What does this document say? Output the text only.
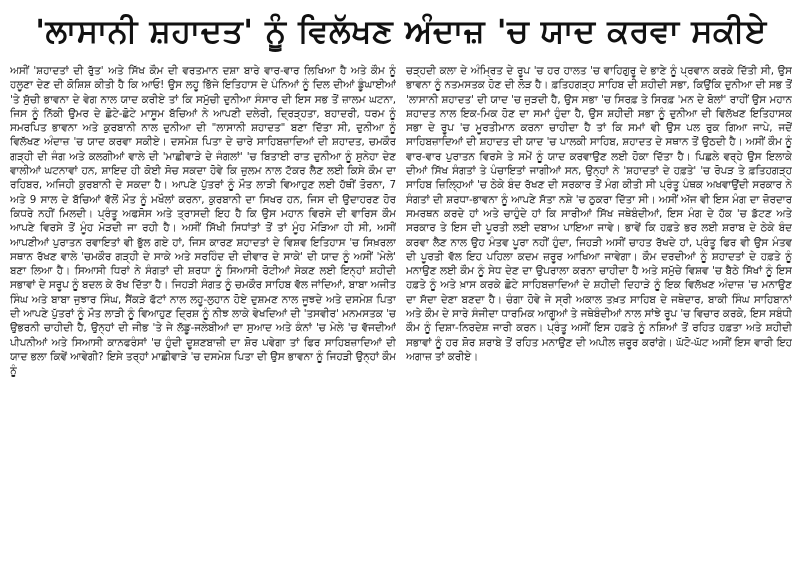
'ਲਾਸਾਨੀ ਸ਼ਹਾਦਤ' ਨੂੰ ਵਿਲੱਖਣ ਅੰਦਾਜ਼ 'ਚ ਯਾਦ ਕਰਵਾ ਸਕੀਏ

ਅਸੀਂ 'ਸ਼ਹਾਦਤਾਂ ਦੀ ਰੁੱਤ' ਅਤੇ ਸਿੱਖ ਕੌਮ ਦੀ ਵਰਤਮਾਨ ਦਸ਼ਾ ਬਾਰੇ ਵਾਰ-ਵਾਰ ਲਿਖਿਆ ਹੈ ਅਤੇ ਕੌਮ ਨੂੰ ਹਲੂਣਾ ਦੇਣ ਦੀ ਕੋਸ਼ਿਸ਼ ਕੀਤੀ ਹੈ ਕਿ ਆਓ! ਉਸ ਲਹੂ ਭਿੱਜੇ ਇਤਿਹਾਸ ਦੇ ਪੰਨਿਆਂ ਨੂੰ ਦਿਲ ਦੀਆਂ ਡੂੰਘਾਈਆਂ 'ਤੇ ਸੁੱਚੀ ਭਾਵਨਾ ਦੇ ਵੇਗ ਨਾਲ ਯਾਦ ਕਰੀਏ ਤਾਂ ਕਿ ਸਮੁੱਚੀ ਦੁਨੀਆ ਸੰਸਾਰ ਦੀ ਇਸ ਸਭ ਤੋਂ ਜ਼ਾਲਮ ਘਟਨਾ, ਜਿਸ ਨੂੰ ਨਿੱਕੀ ਉਮਰ ਦੇ ਛੋਟੇ-ਛੋਟੇ ਮਾਸੂਮ ਬੱਚਿਆਂ ਨੇ ਆਪਣੀ ਦਲੇਰੀ, ਦ੍ਰਿੜ੍ਹਤਾ, ਬਹਾਦਰੀ, ਧਰਮ ਨੂੰ ਸਮਰਪਿਤ ਭਾਵਨਾ ਅਤੇ ਕੁਰਬਾਨੀ ਨਾਲ ਦੁਨੀਆ ਦੀ "ਲਾਸਾਨੀ ਸ਼ਹਾਦਤ" ਬਣਾ ਦਿੱਤਾ ਸੀ, ਦੁਨੀਆ ਨੂੰ ਵਿਲੱਖਣ ਅੰਦਾਜ਼ 'ਚ ਯਾਦ ਕਰਵਾ ਸਕੀਏ। ਦਸਮੇਸ਼ ਪਿਤਾ ਦੇ ਚਾਰੇ ਸਾਹਿਬਜ਼ਾਦਿਆਂ ਦੀ ਸ਼ਹਾਦਤ, ਚਮਕੌਰ ਗੜ੍ਹੀ ਦੀ ਜੰਗ ਅਤੇ ਕਲਗੀਆਂ ਵਾਲੇ ਦੀ 'ਮਾਛੀਵਾੜੇ ਦੇ ਜੰਗਲਾਂ' 'ਚ ਬਿਤਾਈ ਰਾਤ ਦੁਨੀਆ ਨੂੰ ਸੁਨੇਹਾ ਦੇਣ ਵਾਲੀਆਂ ਘਟਨਾਵਾਂ ਹਨ, ਸ਼ਾਇਦ ਹੀ ਕੋਈ ਸੋਚ ਸਕਦਾ ਹੋਵੇ ਕਿ ਜ਼ੁਲਮ ਨਾਲ ਟੱਕਰ ਲੈਣ ਲਈ ਕਿਸੇ ਕੌਮ ਦਾ ਰਹਿਬਰ, ਅਜਿਹੀ ਕੁਰਬਾਨੀ ਦੇ ਸਕਦਾ ਹੈ। ਆਪਣੇ ਪੁੱਤਰਾਂ ਨੂੰ ਮੌਤ ਲਾੜੀ ਵਿਆਹੁਣ ਲਈ ਹੱਥੀਂ ਤੋਰਨਾ, 7 ਅਤੇ 9 ਸਾਲ ਦੇ ਬੱਚਿਆਂ ਵੱਲੋਂ ਮੌਤ ਨੂੰ ਮਖੌਲਾਂ ਕਰਨਾ, ਕੁਰਬਾਨੀ ਦਾ ਸਿਖਰ ਹਨ, ਜਿਸ ਦੀ ਉਦਾਹਰਣ ਹੋਰ ਕਿਧਰੇ ਨਹੀਂ ਮਿਲਦੀ। ਪ੍ਰੰਤੂ ਅਫਸੋਸ ਅਤੇ ਤ੍ਰਾਸਦੀ ਇਹ ਹੈ ਕਿ ਉਸ ਮਹਾਨ ਵਿਰਸੇ ਦੀ ਵਾਰਿਸ ਕੌਮ ਆਪਣੇ ਵਿਰਸੇ ਤੋਂ ਮੂੰਹ ਮੋੜਦੀ ਜਾ ਰਹੀ ਹੈ। ਅਸੀਂ ਸਿੱਖੀ ਸਿਧਾਂਤਾਂ ਤੋਂ ਤਾਂ ਮੂੰਹ ਮੋੜਿਆ ਹੀ ਸੀ, ਅਸੀਂ ਆਪਣੀਆਂ ਪੁਰਾਤਨ ਰਵਾਇਤਾਂ ਵੀ ਭੁੱਲ ਗਏ ਹਾਂ, ਜਿਸ ਕਾਰਣ ਸ਼ਹਾਦਤਾਂ ਦੇ ਵਿਸ਼ਵ ਇਤਿਹਾਸ 'ਚ ਸਿਖ਼ਰਲਾ ਸਥਾਨ ਰੱਖਣ ਵਾਲੇ 'ਚਮਕੌਰ ਗੜ੍ਹੀ ਦੇ ਸਾਕੇ ਅਤੇ ਸਰਹਿੰਦ ਦੀ ਦੀਵਾਰ ਦੇ ਸਾਕੇ' ਦੀ ਯਾਦ ਨੂੰ ਅਸੀਂ 'ਮੇਲੇ' ਬਣਾ ਲਿਆ ਹੈ। ਸਿਆਸੀ ਧਿਰਾਂ ਨੇ ਸੰਗਤਾਂ ਦੀ ਸ਼ਰਧਾ ਨੂੰ ਸਿਆਸੀ ਰੋਟੀਆਂ ਸੇਕਣ ਲਈ ਇਨ੍ਹਾਂ ਸ਼ਹੀਦੀ ਸਭਾਵਾਂ ਦੇ ਸਰੂਪ ਨੂੰ ਬਦਲ ਕੇ ਰੱਖ ਦਿੱਤਾ ਹੈ। ਜਿਹੜੀ ਸੰਗਤ ਨੂੰ ਚਮਕੌਰ ਸਾਹਿਬ ਵੱਲ ਜਾਂਦਿਆਂ, ਬਾਬਾ ਅਜੀਤ ਸਿੰਘ ਅਤੇ ਬਾਬਾ ਜੁਝਾਰ ਸਿੰਘ, ਸੈਂਕੜੇ ਫੱਟਾਂ ਨਾਲ ਲਹੂ-ਲੁਹਾਨ ਹੋਏ ਦੁਸ਼ਮਣ ਨਾਲ ਜੂਝਦੇ ਅਤੇ ਦਸਮੇਸ਼ ਪਿਤਾ ਦੀ ਆਪਣੇ ਪੁੱਤਰਾਂ ਨੂੰ ਮੌਤ ਲਾੜੀ ਨੂੰ ਵਿਆਹੁਣ ਦ੍ਰਿਸ਼ ਨੂੰ ਨੀਝ ਲਾਕੇ ਵੇਖਦਿਆਂ ਦੀ 'ਤਸਵੀਰ' ਮਨਮਸਤਕ 'ਚ ਉਭਰਨੀ ਚਾਹੀਦੀ ਹੈ, ਉਨ੍ਹਾਂ ਦੀ ਜੀਭ 'ਤੇ ਜੇ ਲੱਡੂ-ਜਲੇਬੀਆਂ ਦਾ ਸੁਆਦ ਅਤੇ ਕੰਨਾਂ 'ਚ ਮੇਲੇ 'ਚ ਵੱਜਦੀਆਂ ਪੀਪਨੀਆਂ ਅਤੇ ਸਿਆਸੀ ਕਾਨਫਰੰਸਾਂ 'ਚ ਹੁੰਦੀ ਦੂਸ਼ਣਬਾਜ਼ੀ ਦਾ ਸ਼ੋਰ ਪਵੇਗਾ ਤਾਂ ਫਿਰ ਸਾਹਿਬਜ਼ਾਦਿਆਂ ਦੀ ਯਾਦ ਭਲਾ ਕਿਵੇਂ ਆਵੇਗੀ? ਇਸੇ ਤਰ੍ਹਾਂ ਮਾਛੀਵਾੜੇ 'ਚ ਦਸਮੇਸ਼ ਪਿਤਾ ਦੀ ਉਸ ਭਾਵਨਾ ਨੂੰ ਜਿਹੜੀ ਉਨ੍ਹਾਂ ਕੌਮ ਨੂੰ

ਚੜ੍ਹਦੀ ਕਲਾ ਦੇ ਅੰਮ੍ਰਿਤ ਦੇ ਰੂਪ 'ਚ ਹਰ ਹਾਲਤ 'ਚ ਵਾਹਿਗੁਰੂ ਦੇ ਭਾਣੇ ਨੂੰ ਪ੍ਰਵਾਨ ਕਰਕੇ ਦਿੱਤੀ ਸੀ, ਉਸ ਭਾਵਨਾ ਨੂੰ ਨਤਮਸਤਕ ਹੋਣ ਦੀ ਲੋੜ ਹੈ। ਫ਼ਤਿਹਗੜ੍ਹ ਸਾਹਿਬ ਦੀ ਸ਼ਹੀਦੀ ਸਭਾ, ਕਿਉਂਕਿ ਦੁਨੀਆ ਦੀ ਸਭ ਤੋਂ 'ਲਾਸਾਨੀ ਸ਼ਹਾਦਤ' ਦੀ ਯਾਦ 'ਚ ਜੁੜਦੀ ਹੈ, ਉਸ ਸਭਾ 'ਚ ਸਿਰਫ਼ ਤੇ ਸਿਰਫ਼ 'ਮਨ ਦੇ ਬੋਲਾਂ' ਰਾਹੀਂ ਉਸ ਮਹਾਨ ਸ਼ਹਾਦਤ ਨਾਲ ਇਕ-ਮਿਕ ਹੋਣ ਦਾ ਸਮਾਂ ਹੁੰਦਾ ਹੈ, ਉਸ ਸ਼ਹੀਦੀ ਸਭਾ ਨੂੰ ਦੁਨੀਆ ਦੀ ਵਿਲੱਖਣ ਇਤਿਹਾਸਕ ਸਭਾ ਦੇ ਰੂਪ 'ਚ ਮੂਰਤੀਮਾਨ ਕਰਨਾ ਚਾਹੀਦਾ ਹੈ ਤਾਂ ਕਿ ਸਮਾਂ ਵੀ ਉਸ ਪਲ ਰੁਕ ਗਿਆ ਜਾਪੇ, ਜਦੋਂ ਸਾਹਿਬਜ਼ਾਦਿਆਂ ਦੀ ਸ਼ਹਾਦਤ ਦੀ ਯਾਦ 'ਚ ਪਾਲਕੀ ਸਾਹਿਬ, ਸ਼ਹਾਦਤ ਦੇ ਸਥਾਨ ਤੋਂ ਉਠਦੀ ਹੈ। ਅਸੀਂ ਕੌਮ ਨੂੰ ਵਾਰ-ਵਾਰ ਪੁਰਾਤਨ ਵਿਰਸੇ ਤੇ ਸਮੇਂ ਨੂੰ ਯਾਦ ਕਰਵਾਉਣ ਲਈ ਹੋਕਾ ਦਿੱਤਾ ਹੈ। ਪਿਛਲੇ ਵਰ੍ਹੇ ਉਸ ਇਲਾਕੇ ਦੀਆਂ ਸਿੱਖ ਸੰਗਤਾਂ ਤੇ ਪੰਚਾਇਤਾਂ ਜਾਗੀਆਂ ਸਨ, ਉਨ੍ਹਾਂ ਨੇ 'ਸ਼ਹਾਦਤਾਂ ਦੇ ਹਫ਼ਤੇ' 'ਚ ਰੋਪੜ ਤੇ ਫ਼ਤਿਹਗੜ੍ਹ ਸਾਹਿਬ ਜ਼ਿਲ੍ਹਿਆਂ 'ਚ ਠੇਕੇ ਬੰਦ ਰੱਖਣ ਦੀ ਸਰਕਾਰ ਤੋਂ ਮੰਗ ਕੀਤੀ ਸੀ ਪ੍ਰੰਤੂ ਪੰਥਕ ਅਖਵਾਉਂਦੀ ਸਰਕਾਰ ਨੇ ਸੰਗਤਾਂ ਦੀ ਸ਼ਰਧਾ-ਭਾਵਨਾ ਨੂੰ ਆਪਣੇ ਸੱਤਾ ਨਸ਼ੇ 'ਚ ਠੁਕਰਾ ਦਿੱਤਾ ਸੀ। ਅਸੀਂ ਅੱਜ ਵੀ ਇਸ ਮੰਗ ਦਾ ਜ਼ੋਰਦਾਰ ਸਮਰਥਨ ਕਰਦੇ ਹਾਂ ਅਤੇ ਚਾਹੁੰਦੇ ਹਾਂ ਕਿ ਸਾਰੀਆਂ ਸਿੱਖ ਜਥੇਬੰਦੀਆਂ, ਇਸ ਮੰਗ ਦੇ ਹੱਕ 'ਚ ਡੱਟਣ ਅਤੇ ਸਰਕਾਰ ਤੇ ਇਸ ਦੀ ਪੂਰਤੀ ਲਈ ਦਬਾਅ ਪਾਇਆ ਜਾਵੇ। ਭਾਵੇਂ ਕਿ ਹਫ਼ਤੇ ਭਰ ਲਈ ਸ਼ਰਾਬ ਦੇ ਠੇਕੇ ਬੰਦ ਕਰਵਾ ਲੈਣ ਨਾਲ ਉਹ ਮੰਤਵ ਪੂਰਾ ਨਹੀਂ ਹੁੰਦਾ, ਜਿਹੜੀ ਅਸੀਂ ਚਾਹਤ ਰੱਖਦੇ ਹਾਂ, ਪ੍ਰੰਤੂ ਫਿਰ ਵੀ ਉਸ ਮੰਤਵ ਦੀ ਪੂਰਤੀ ਵੱਲ ਇਹ ਪਹਿਲਾ ਕਦਮ ਜ਼ਰੂਰ ਆਖਿਆ ਜਾਵੇਗਾ। ਕੌਮ ਦਰਦੀਆਂ ਨੂੰ ਸ਼ਹਾਦਤਾਂ ਦੇ ਹਫ਼ਤੇ ਨੂੰ ਮਨਾਉਣ ਲਈ ਕੌਮ ਨੂੰ ਸੇਧ ਦੇਣ ਦਾ ਉਪਰਾਲਾ ਕਰਨਾ ਚਾਹੀਦਾ ਹੈ ਅਤੇ ਸਮੁੱਚੇ ਵਿਸ਼ਵ 'ਚ ਬੈਠੇ ਸਿੱਖਾਂ ਨੂੰ ਇਸ ਹਫ਼ਤੇ ਨੂੰ ਅਤੇ ਖ਼ਾਸ ਕਰਕੇ ਛੋਟੇ ਸਾਹਿਬਜ਼ਾਦਿਆਂ ਦੇ ਸ਼ਹੀਦੀ ਦਿਹਾੜੇ ਨੂੰ ਇਕ ਵਿਲੱਖਣ ਅੰਦਾਜ਼ 'ਚ ਮਨਾਉਣ ਦਾ ਸੱਦਾ ਦੇਣਾ ਬਣਦਾ ਹੈ। ਚੰਗਾ ਹੋਵੇ ਜੇ ਸ੍ਰੀ ਅਕਾਲ ਤਖ਼ਤ ਸਾਹਿਬ ਦੇ ਜਥੇਦਾਰ, ਬਾਕੀ ਸਿੰਘ ਸਾਹਿਬਾਨਾਂ ਅਤੇ ਕੌਮ ਦੇ ਸਾਰੇ ਸੰਜੀਦਾ ਧਾਰਮਿਕ ਆਗੂਆਂ ਤੇ ਜਥੇਬੰਦੀਆਂ ਨਾਲ ਸਾਂਝੇ ਰੂਪ 'ਚ ਵਿਚਾਰ ਕਰਕੇ, ਇਸ ਸਬੰਧੀ ਕੌਮ ਨੂੰ ਦਿਸ਼ਾ-ਨਿਰਦੇਸ਼ ਜਾਰੀ ਕਰਨ। ਪ੍ਰੰਤੂ ਅਸੀਂ ਇਸ ਹਫ਼ਤੇ ਨੂੰ ਨਸ਼ਿਆਂ ਤੋਂ ਰਹਿਤ ਹਫ਼ਤਾ ਅਤੇ ਸ਼ਹੀਦੀ ਸਭਾਵਾਂ ਨੂੰ ਹਰ ਸ਼ੋਰ ਸ਼ਰਾਬੇ ਤੋਂ ਰਹਿਤ ਮਨਾਉਣ ਦੀ ਅਪੀਲ ਜ਼ਰੂਰ ਕਰਾਂਗੇ। ਘੱਟੋ-ਘੱਟ ਅਸੀਂ ਇਸ ਵਾਰੀ ਇਹ ਅਗਾਜ਼ ਤਾਂ ਕਰੀਏ।
